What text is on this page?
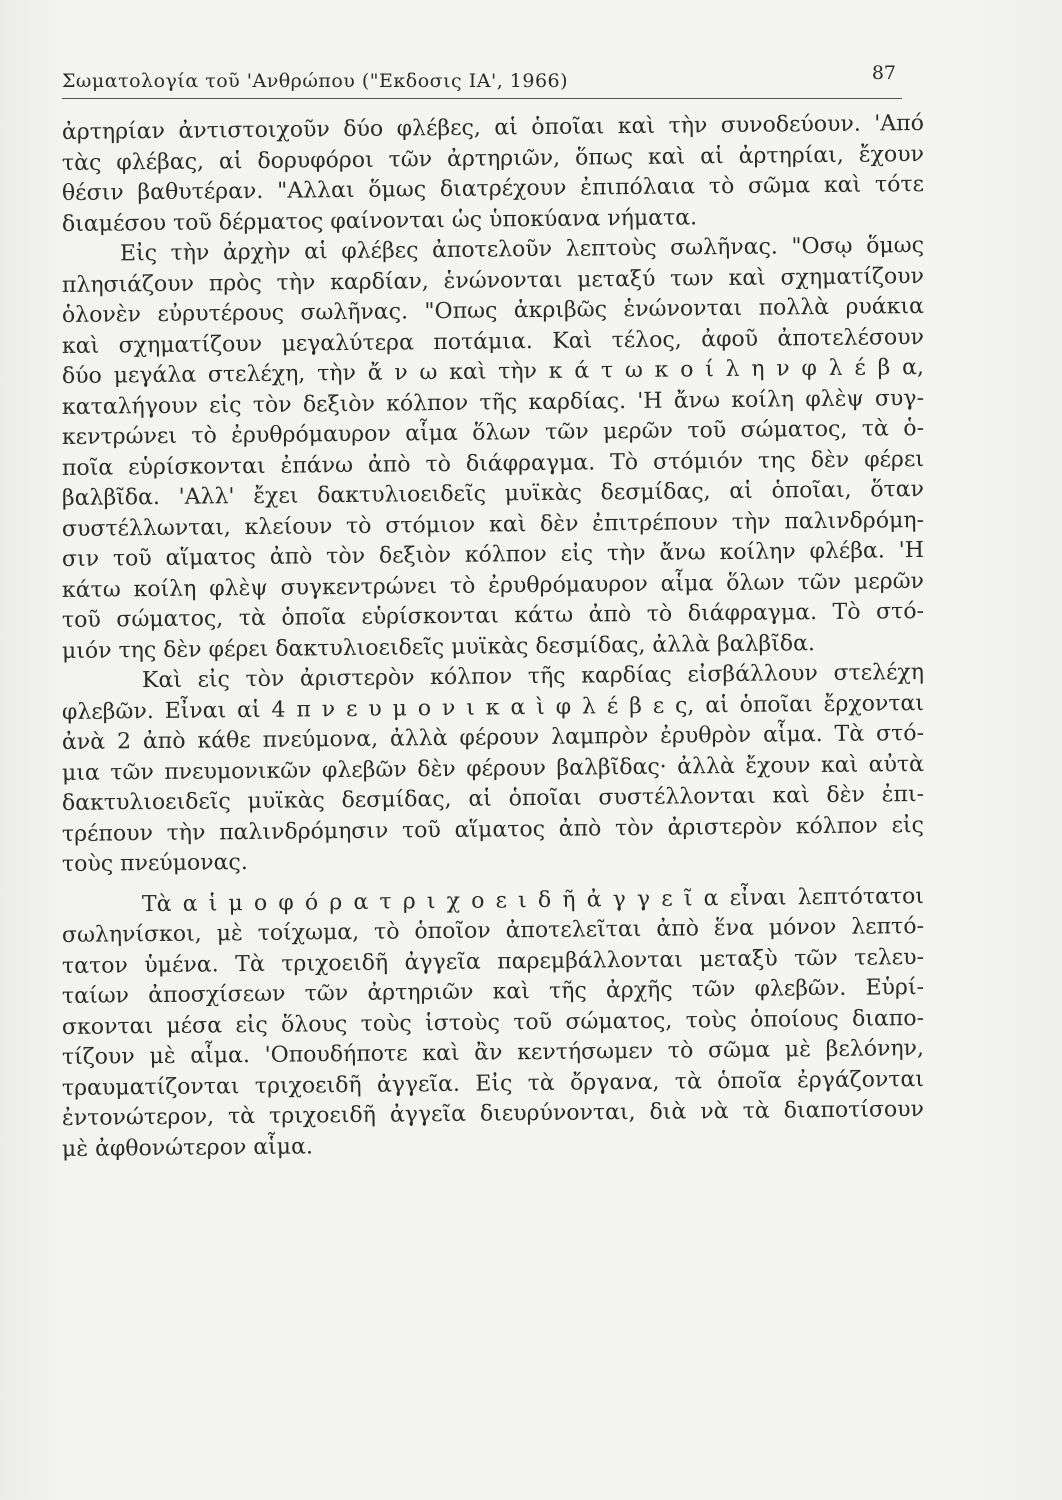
Σωματολογία τοῦ 'Ανθρώπου ("Εκδοσις ΙΑ', 1966)	87
ἀρτηρίαν ἀντιστοιχοῦν δύο φλέβες, αἱ ὁποῖαι καὶ τὴν συνοδεύουν. 'Από
τὰς φλέβας, αἱ δορυφόροι τῶν ἀρτηριῶν, ὅπως καὶ αἱ ἀρτηρίαι, ἔχουν
θέσιν βαθυτέραν. "Αλλαι ὅμως διατρέχουν ἐπιπόλαια τὸ σῶμα καὶ τότε
διαμέσου τοῦ δέρματος φαίνονται ὡς ὑποκύανα νήματα.
Εἰς τὴν ἀρχὴν αἱ φλέβες ἀποτελοῦν λεπτοὺς σωλῆνας. "Οσῳ ὅμως
πλησιάζουν πρὸς τὴν καρδίαν, ἑνώνονται μεταξύ των καὶ σχηματίζουν
ὁλονὲν εὐρυτέρους σωλῆνας. "Οπως ἀκριβῶς ἑνώνονται πολλὰ ρυάκια
καὶ σχηματίζουν μεγαλύτερα ποτάμια. Καὶ τέλος, ἀφοῦ ἀποτελέσουν
δύο μεγάλα στελέχη, τὴν ἄ ν ω καὶ τὴν κ ά τ ω κ ο ί λ η ν φ λ έ β α,
καταλήγουν εἰς τὸν δεξιὸν κόλπον τῆς καρδίας. 'Η ἄνω κοίλη φλὲψ συγ-
κεντρώνει τὸ ἐρυθρόμαυρον αἷμα ὅλων τῶν μερῶν τοῦ σώματος, τὰ ὁ-
ποῖα εὑρίσκονται ἐπάνω ἀπὸ τὸ διάφραγμα. Τὸ στόμιόν της δὲν φέρει
βαλβῖδα. 'Αλλ' ἔχει δακτυλιοειδεῖς μυϊκὰς δεσμίδας, αἱ ὁποῖαι, ὅταν
συστέλλωνται, κλείουν τὸ στόμιον καὶ δὲν ἐπιτρέπουν τὴν παλινδρόμη-
σιν τοῦ αἵματος ἀπὸ τὸν δεξιὸν κόλπον εἰς τὴν ἄνω κοίλην φλέβα. 'Η
κάτω κοίλη φλὲψ συγκεντρώνει τὸ ἐρυθρόμαυρον αἷμα ὅλων τῶν μερῶν
τοῦ σώματος, τὰ ὁποῖα εὑρίσκονται κάτω ἀπὸ τὸ διάφραγμα. Τὸ στό-
μιόν της δὲν φέρει δακτυλιοειδεῖς μυϊκὰς δεσμίδας, ἀλλὰ βαλβῖδα.
Καὶ εἰς τὸν ἀριστερὸν κόλπον τῆς καρδίας εἰσβάλλουν στελέχη
φλεβῶν. Εἶναι αἱ 4 π ν ε υ μ ο ν ι κ α ὶ φ λ έ β ε ς, αἱ ὁποῖαι ἔρχονται
ἀνὰ 2 ἀπὸ κάθε πνεύμονα, ἀλλὰ φέρουν λαμπρὸν ἐρυθρὸν αἷμα. Τὰ στό-
μια τῶν πνευμονικῶν φλεβῶν δὲν φέρουν βαλβῖδας· ἀλλὰ ἔχουν καὶ αὐτὰ
δακτυλιοειδεῖς μυϊκὰς δεσμίδας, αἱ ὁποῖαι συστέλλονται καὶ δὲν ἐπι-
τρέπουν τὴν παλινδρόμησιν τοῦ αἵματος ἀπὸ τὸν ἀριστερὸν κόλπον εἰς
τοὺς πνεύμονας.
Τὰ α ἱ μ ο φ ό ρ α τ ρ ι χ ο ε ι δ ῆ ἀ γ γ ε ῖ α εἶναι λεπτότατοι
σωληνίσκοι, μὲ τοίχωμα, τὸ ὁποῖον ἀποτελεῖται ἀπὸ ἕνα μόνον λεπτό-
τατον ὑμένα. Τὰ τριχοειδῆ ἀγγεῖα παρεμβάλλονται μεταξὺ τῶν τελευ-
ταίων ἀποσχίσεων τῶν ἀρτηριῶν καὶ τῆς ἀρχῆς τῶν φλεβῶν. Εὑρί-
σκονται μέσα εἰς ὅλους τοὺς ἱστοὺς τοῦ σώματος, τοὺς ὁποίους διαπο-
τίζουν μὲ αἷμα. 'Οπουδήποτε καὶ ἂν κεντήσωμεν τὸ σῶμα μὲ βελόνην,
τραυματίζονται τριχοειδῆ ἀγγεῖα. Εἰς τὰ ὄργανα, τὰ ὁποῖα ἐργάζονται
ἐντονώτερον, τὰ τριχοειδῆ ἀγγεῖα διευρύνονται, διὰ νὰ τὰ διαποτίσουν
μὲ ἀφθονώτερον αἷμα.
